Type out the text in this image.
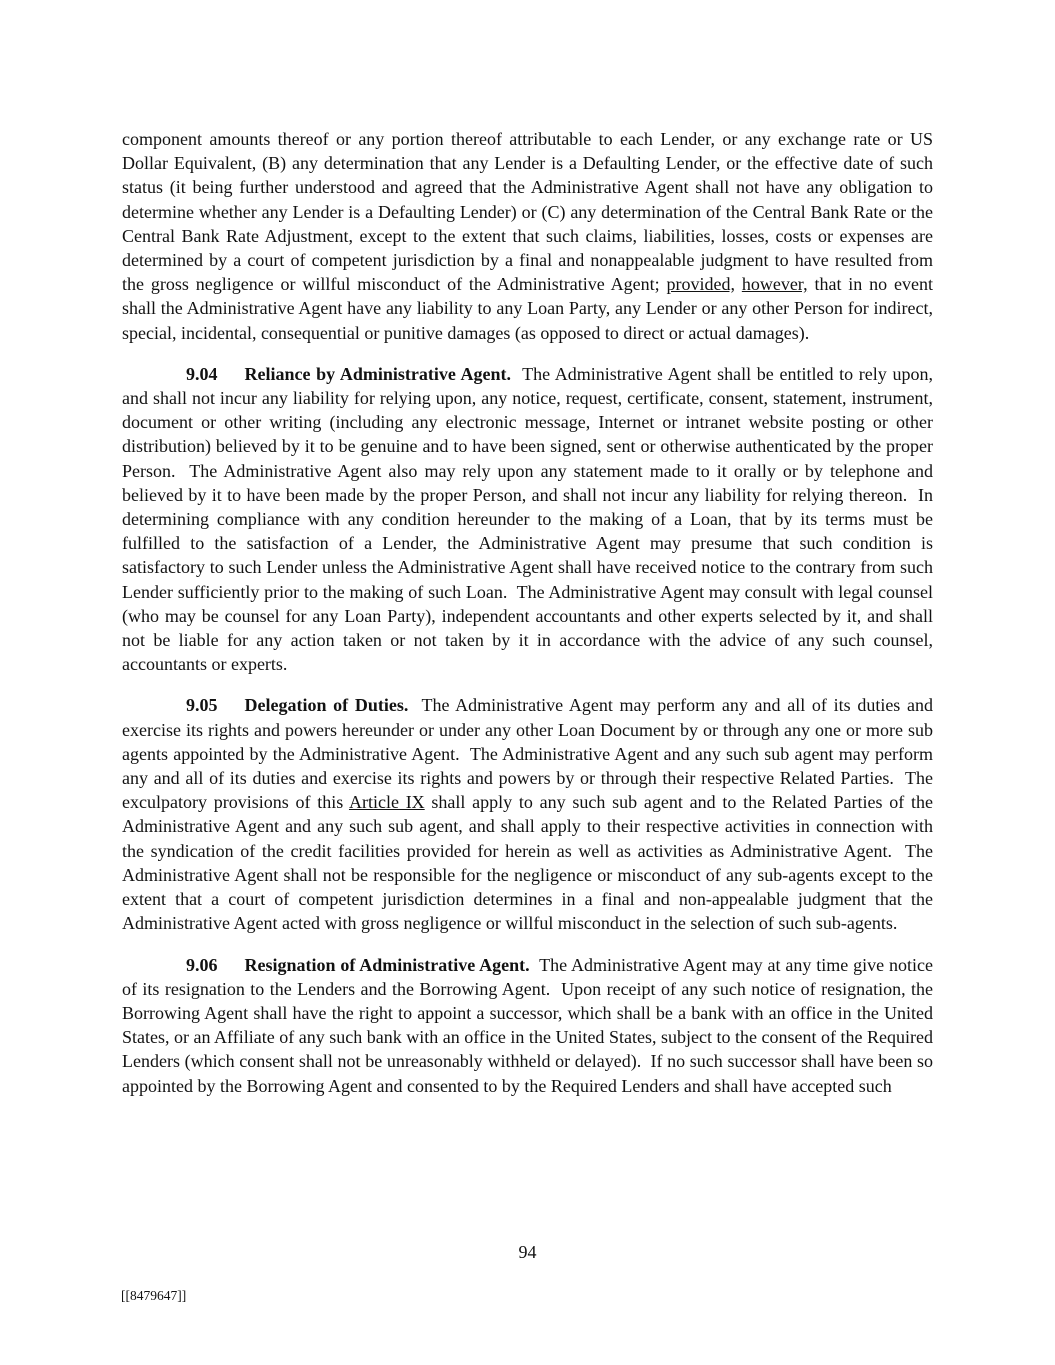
component amounts thereof or any portion thereof attributable to each Lender, or any exchange rate or US Dollar Equivalent, (B) any determination that any Lender is a Defaulting Lender, or the effective date of such status (it being further understood and agreed that the Administrative Agent shall not have any obligation to determine whether any Lender is a Defaulting Lender) or (C) any determination of the Central Bank Rate or the Central Bank Rate Adjustment, except to the extent that such claims, liabilities, losses, costs or expenses are determined by a court of competent jurisdiction by a final and nonappealable judgment to have resulted from the gross negligence or willful misconduct of the Administrative Agent; provided, however, that in no event shall the Administrative Agent have any liability to any Loan Party, any Lender or any other Person for indirect, special, incidental, consequential or punitive damages (as opposed to direct or actual damages).

9.04 Reliance by Administrative Agent. The Administrative Agent shall be entitled to rely upon, and shall not incur any liability for relying upon, any notice, request, certificate, consent, statement, instrument, document or other writing (including any electronic message, Internet or intranet website posting or other distribution) believed by it to be genuine and to have been signed, sent or otherwise authenticated by the proper Person.  The Administrative Agent also may rely upon any statement made to it orally or by telephone and believed by it to have been made by the proper Person, and shall not incur any liability for relying thereon.  In determining compliance with any condition hereunder to the making of a Loan, that by its terms must be fulfilled to the satisfaction of a Lender, the Administrative Agent may presume that such condition is satisfactory to such Lender unless the Administrative Agent shall have received notice to the contrary from such Lender sufficiently prior to the making of such Loan.  The Administrative Agent may consult with legal counsel (who may be counsel for any Loan Party), independent accountants and other experts selected by it, and shall not be liable for any action taken or not taken by it in accordance with the advice of any such counsel, accountants or experts.

9.05 Delegation of Duties. The Administrative Agent may perform any and all of its duties and exercise its rights and powers hereunder or under any other Loan Document by or through any one or more sub agents appointed by the Administrative Agent.  The Administrative Agent and any such sub agent may perform any and all of its duties and exercise its rights and powers by or through their respective Related Parties.  The exculpatory provisions of this Article IX shall apply to any such sub agent and to the Related Parties of the Administrative Agent and any such sub agent, and shall apply to their respective activities in connection with the syndication of the credit facilities provided for herein as well as activities as Administrative Agent.  The Administrative Agent shall not be responsible for the negligence or misconduct of any sub-agents except to the extent that a court of competent jurisdiction determines in a final and non-appealable judgment that the Administrative Agent acted with gross negligence or willful misconduct in the selection of such sub-agents.

9.06 Resignation of Administrative Agent. The Administrative Agent may at any time give notice of its resignation to the Lenders and the Borrowing Agent.  Upon receipt of any such notice of resignation, the Borrowing Agent shall have the right to appoint a successor, which shall be a bank with an office in the United States, or an Affiliate of any such bank with an office in the United States, subject to the consent of the Required Lenders (which consent shall not be unreasonably withheld or delayed).  If no such successor shall have been so appointed by the Borrowing Agent and consented to by the Required Lenders and shall have accepted such

94
[[8479647]]
